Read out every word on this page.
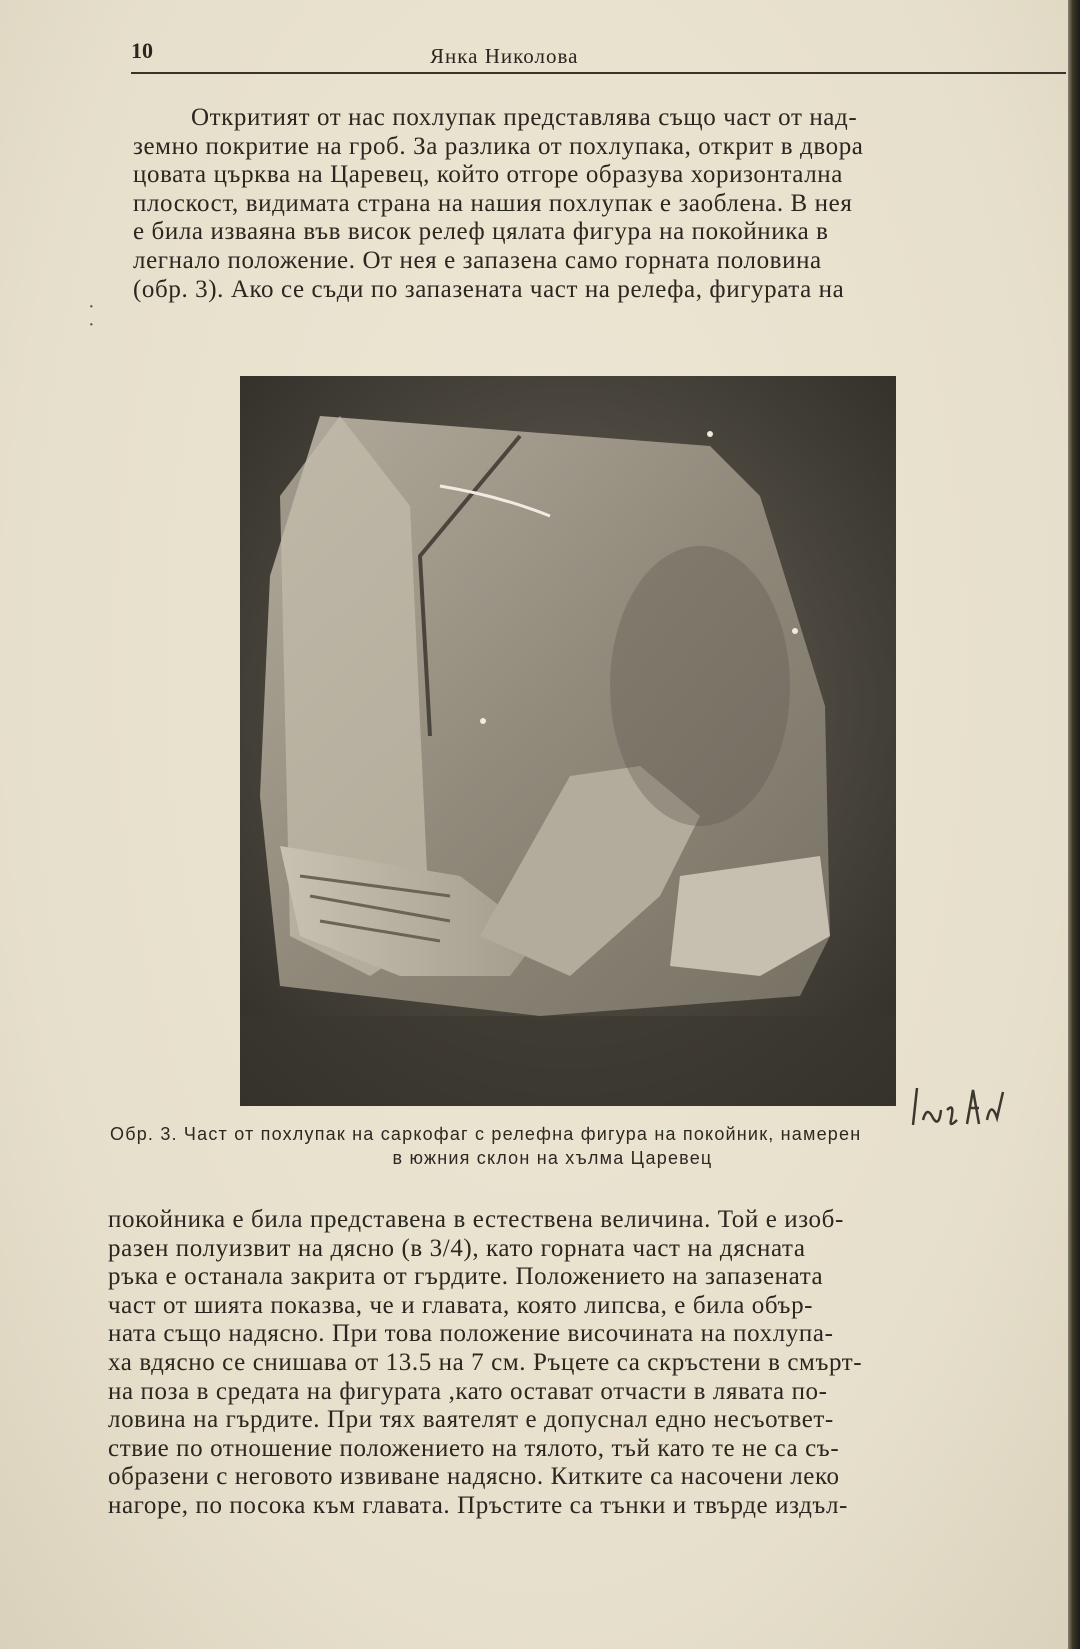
10	Янка Николова
·
·
Откритият от нас похлупак представлява също част от над-
земно покритие на гроб. За разлика от похлупака, открит в двора
цовата църква на Царевец, който отгоре образува хоризонтална
плоскост, видимата страна на нашия похлупак е заоблена. В нея
е била изваяна във висок релеф цялата фигура на покойника в
легнало положение. От нея е запазена само горната половина
(обр. 3). Ако се съди по запазената част на релефа, фигурата на
Обр. 3. Част от похлупак на саркофаг с релефна фигура на покойник, намерен
в южния склон на хълма Царевец
покойника е била представена в естествена величина. Той е изоб-
разен полуизвит на дясно (в 3/4), като горната част на дясната
ръка е останала закрита от гърдите. Положението на запазената
част от шията показва, че и главата, която липсва, е била обър-
ната също надясно. При това положение височината на похлупа-
ха вдясно се снишава от 13.5 на 7 см. Ръцете са скръстени в смърт-
на поза в средата на фигурата ,като остават отчасти в лявата по-
ловина на гърдите. При тях ваятелят е допуснал едно несъответ-
ствие по отношение положението на тялото, тъй като те не са съ-
образени с неговото извиване надясно. Китките са насочени леко
нагоре, по посока към главата. Пръстите са тънки и твърде издъл-
